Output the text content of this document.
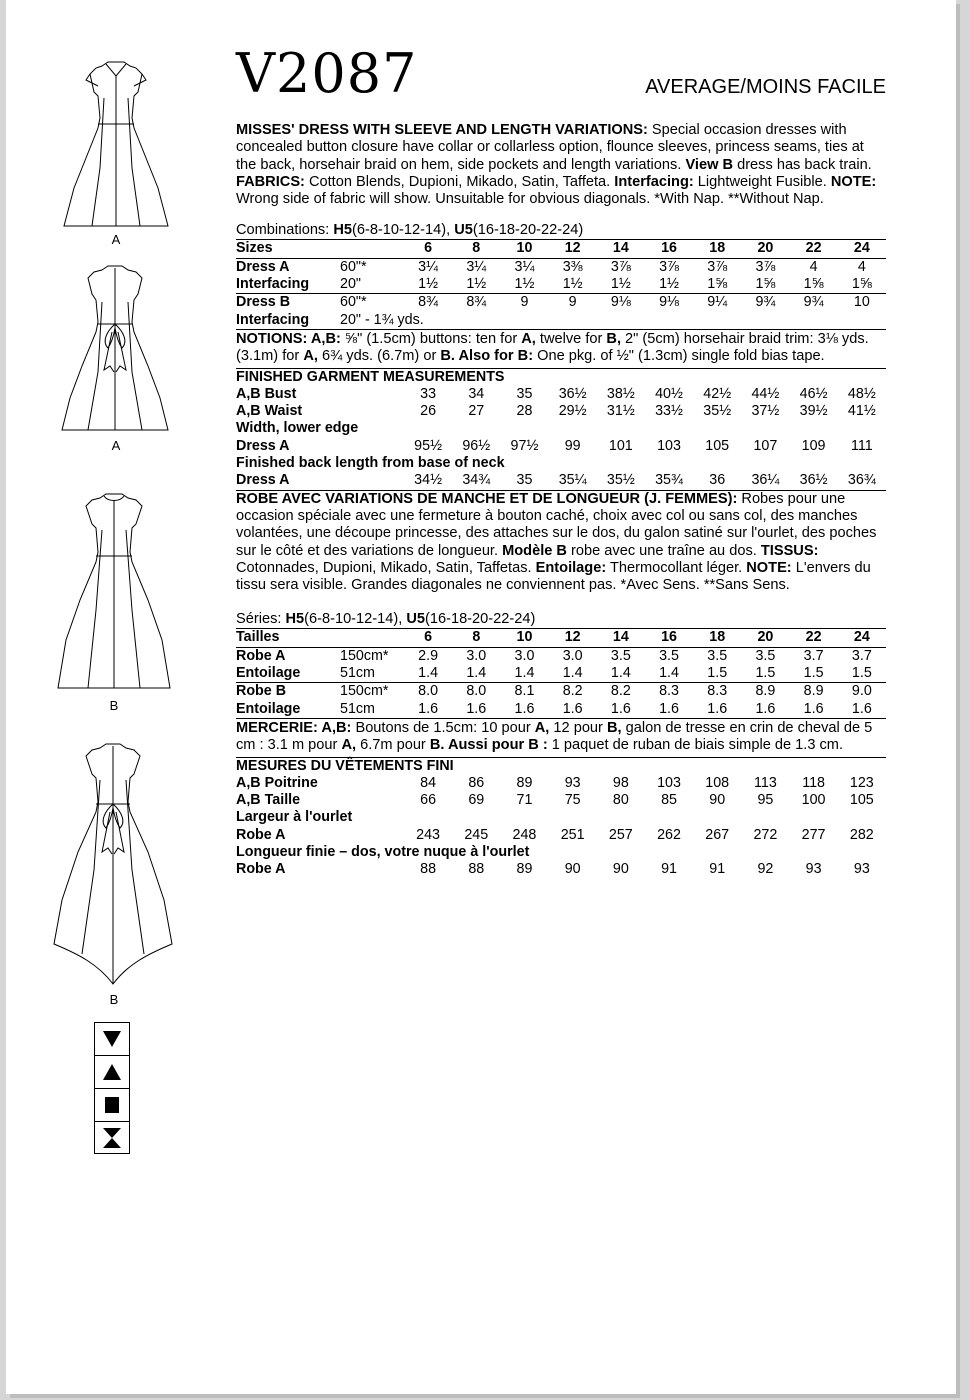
A
A
B
B
V2087	AVERAGE/MOINS FACILE

MISSES' DRESS WITH SLEEVE AND LENGTH VARIATIONS: Special occasion dresses with concealed button closure have collar or collarless option, flounce sleeves, princess seams, ties at the back, horsehair braid on hem, side pockets and length variations. View B dress has back train. FABRICS: Cotton Blends, Dupioni, Mikado, Satin, Taffeta. Interfacing: Lightweight Fusible. NOTE: Wrong side of fabric will show. Unsuitable for obvious diagonals. *With Nap. **Without Nap.

Combinations: H5(6-8-10-12-14), U5(16-18-20-22-24)
Sizes		6	8	10	12	14	16	18	20	22	24
Dress A	60"*	3¼	3¼	3¼	3⅜	3⅞	3⅞	3⅞	3⅞	4	4
Interfacing	20"	1½	1½	1½	1½	1½	1½	1⅝	1⅝	1⅝	1⅝
Dress B	60"*	8¾	8¾	9	9	9⅛	9⅛	9¼	9¾	9¾	10
Interfacing	20" - 1¾ yds.										

NOTIONS: A,B: ⅝" (1.5cm) buttons: ten for A, twelve for B, 2" (5cm) horsehair braid trim: 3⅛ yds. (3.1m) for A, 6¾ yds. (6.7m) or B. Also for B: One pkg. of ½" (1.3cm) single fold bias tape.

FINISHED GARMENT MEASUREMENTS										
A,B Bust	33	34	35	36½	38½	40½	42½	44½	46½	48½
A,B Waist	26	27	28	29½	31½	33½	35½	37½	39½	41½
Width, lower edge										
Dress A	95½	96½	97½	99	101	103	105	107	109	111
Finished back length from base of neck										
Dress A	34½	34¾	35	35¼	35½	35¾	36	36¼	36½	36¾

ROBE AVEC VARIATIONS DE MANCHE ET DE LONGUEUR (J. FEMMES): Robes pour une occasion spéciale avec une fermeture à bouton caché, choix avec col ou sans col, des manches volantées, une découpe princesse, des attaches sur le dos, du galon satiné sur l'ourlet, des poches sur le côté et des variations de longueur. Modèle B robe avec une traîne au dos. TISSUS: Cotonnades, Dupioni, Mikado, Satin, Taffetas. Entoilage: Thermocollant léger. NOTE: L'envers du tissu sera visible. Grandes diagonales ne conviennent pas. *Avec Sens. **Sans Sens.

Séries: H5(6-8-10-12-14), U5(16-18-20-22-24)
Tailles		6	8	10	12	14	16	18	20	22	24
Robe A	150cm*	2.9	3.0	3.0	3.0	3.5	3.5	3.5	3.5	3.7	3.7
Entoilage	51cm	1.4	1.4	1.4	1.4	1.4	1.4	1.5	1.5	1.5	1.5
Robe B	150cm*	8.0	8.0	8.1	8.2	8.2	8.3	8.3	8.9	8.9	9.0
Entoilage	51cm	1.6	1.6	1.6	1.6	1.6	1.6	1.6	1.6	1.6	1.6

MERCERIE: A,B: Boutons de 1.5cm: 10 pour A, 12 pour B, galon de tresse en crin de cheval de 5 cm : 3.1 m pour A, 6.7m pour B. Aussi pour B : 1 paquet de ruban de biais simple de 1.3 cm.

MESURES DU VÊTEMENTS FINI										
A,B Poitrine	84	86	89	93	98	103	108	113	118	123
A,B Taille	66	69	71	75	80	85	90	95	100	105
Largeur à l'ourlet										
Robe A	243	245	248	251	257	262	267	272	277	282
Longueur finie – dos, votre nuque à l'ourlet										
Robe A	88	88	89	90	90	91	91	92	93	93
